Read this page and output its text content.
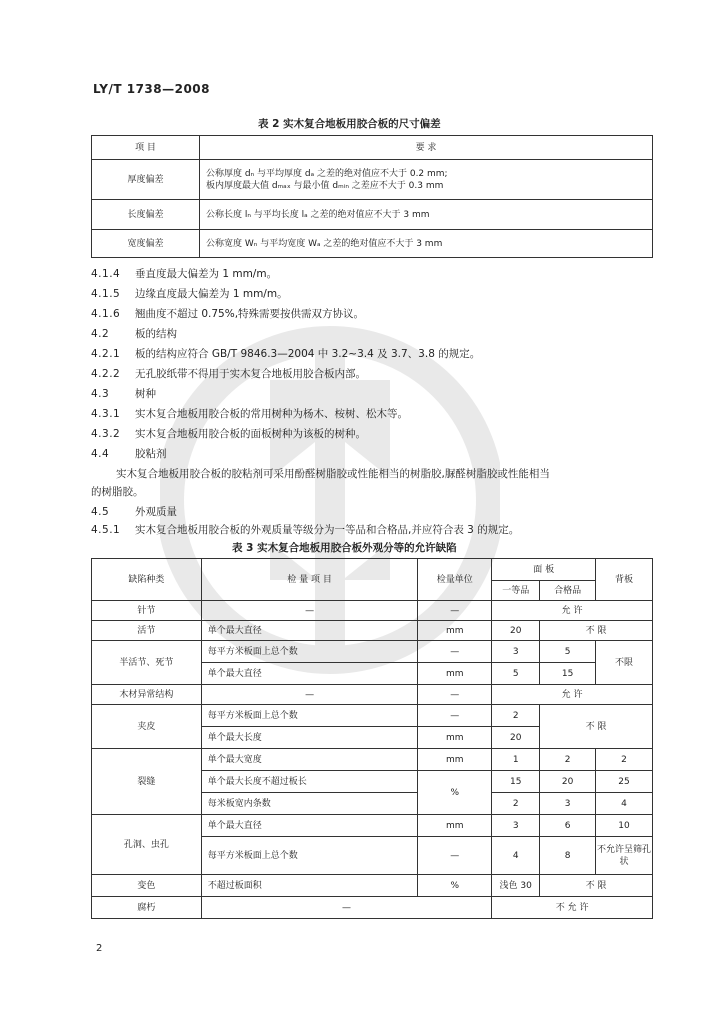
LY/T 1738—2008
表 2 实木复合地板用胶合板的尺寸偏差
项 目	要 求
厚度偏差	公称厚度 dₙ 与平均厚度 dₐ 之差的绝对值应不大于 0.2 mm;
板内厚度最大值 dₘₐₓ 与最小值 dₘᵢₙ 之差应不大于 0.3 mm

长度偏差	公称长度 lₙ 与平均长度 lₐ 之差的绝对值应不大于 3 mm
宽度偏差	公称宽度 Wₙ 与平均宽度 Wₐ 之差的绝对值应不大于 3 mm
4.1.4 垂直度最大偏差为 1 mm/m。
4.1.5 边缘直度最大偏差为 1 mm/m。
4.1.6 翘曲度不超过 0.75%,特殊需要按供需双方协议。
4.2 板的结构
4.2.1 板的结构应符合 GB/T 9846.3—2004 中 3.2~3.4 及 3.7、3.8 的规定。
4.2.2 无孔胶纸带不得用于实木复合地板用胶合板内部。
4.3 树种
4.3.1 实木复合地板用胶合板的常用树种为杨木、桉树、松木等。
4.3.2 实木复合地板用胶合板的面板树种为该板的树种。
4.4 胶粘剂
实木复合地板用胶合板的胶粘剂可采用酚醛树脂胶或性能相当的树脂胶,脲醛树脂胶或性能相当
的树脂胶。
4.5 外观质量
4.5.1 实木复合地板用胶合板的外观质量等级分为一等品和合格品,并应符合表 3 的规定。
表 3 实木复合地板用胶合板外观分等的允许缺陷
缺陷种类	检 量 项 目	检量单位	面 板		背板
			一等品	合格品	
针节	—	—	允 许		
活节	单个最大直径	mm	20	不 限	
半活节、死节	每平方米板面上总个数	—	3	5	不限
	单个最大直径	mm	5	15	
木材异常结构	—	—	允 许		
夹皮	每平方米板面上总个数	—	2	不 限	
	单个最大长度	mm	20		
裂缝	单个最大宽度	mm	1	2	2
	单个最大长度不超过板长	%	15	20	25
	每米板宽内条数		2	3	4
孔洞、虫孔	单个最大直径	mm	3	6	10
	每平方米板面上总个数	—	4	8	不允许呈筛孔状
变色	不超过板面积	%	浅色 30	不 限	
腐朽	—		不 允 许		
2
